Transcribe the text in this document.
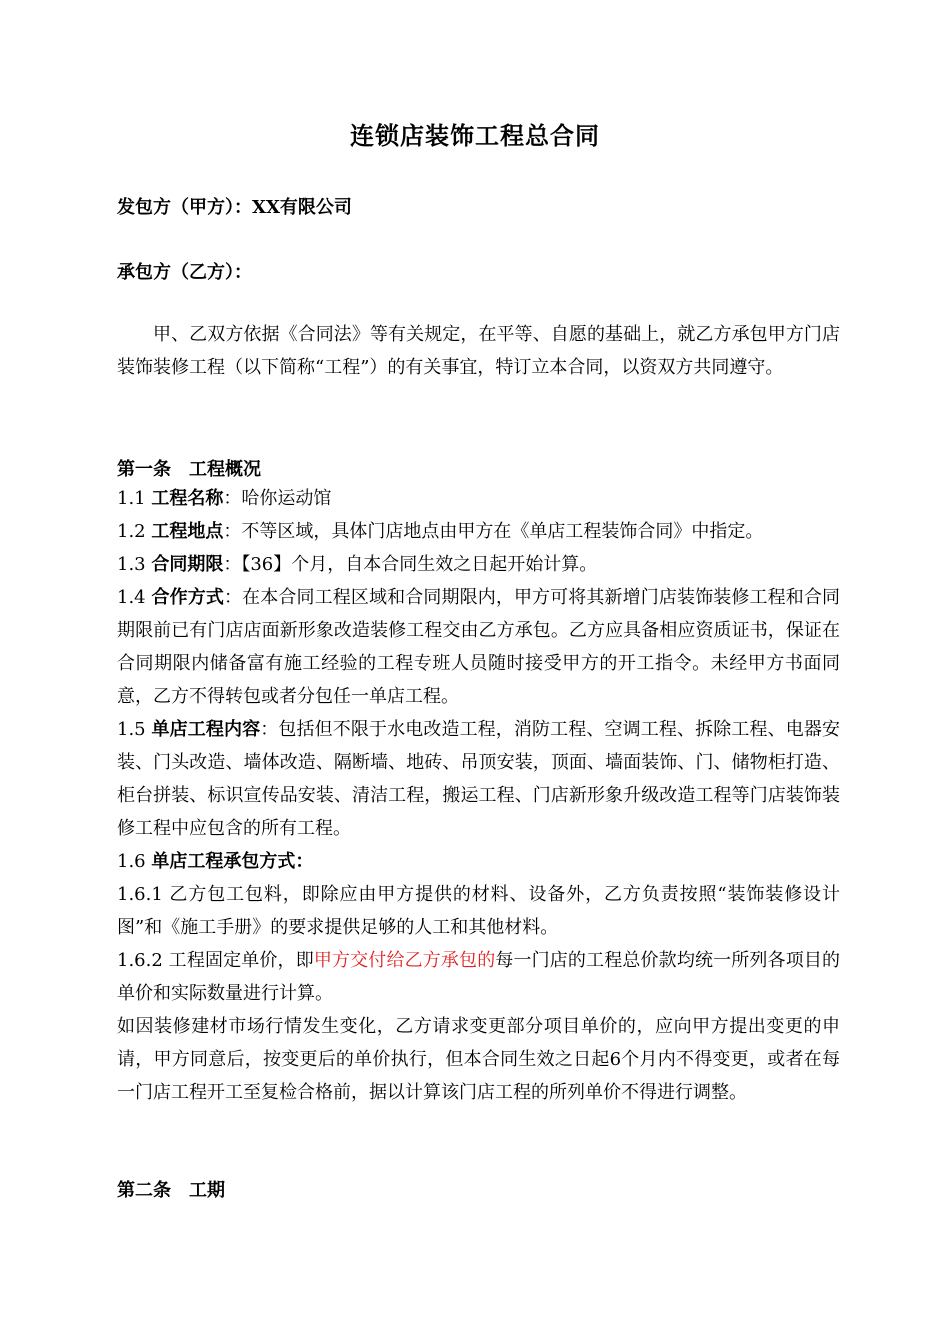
连锁店装饰工程总合同
发包方（甲方）：XX有限公司
承包方（乙方）：
甲、乙双方依据《合同法》等有关规定，在平等、自愿的基础上，就乙方承包甲方门店装饰装修工程（以下简称“工程”）的有关事宜，特订立本合同，以资双方共同遵守。
第一条　工程概况
1.1 工程名称：哈你运动馆
1.2 工程地点：不等区域，具体门店地点由甲方在《单店工程装饰合同》中指定。
1.3 合同期限：【36】个月，自本合同生效之日起开始计算。
1.4 合作方式：在本合同工程区域和合同期限内，甲方可将其新增门店装饰装修工程和合同期限前已有门店店面新形象改造装修工程交由乙方承包。乙方应具备相应资质证书，保证在合同期限内储备富有施工经验的工程专班人员随时接受甲方的开工指令。未经甲方书面同意，乙方不得转包或者分包任一单店工程。
1.5 单店工程内容：包括但不限于水电改造工程，消防工程、空调工程、拆除工程、电器安装、门头改造、墙体改造、隔断墙、地砖、吊顶安装，顶面、墙面装饰、门、储物柜打造、柜台拼装、标识宣传品安装、清洁工程，搬运工程、门店新形象升级改造工程等门店装饰装修工程中应包含的所有工程。
1.6 单店工程承包方式：
1.6.1 乙方包工包料，即除应由甲方提供的材料、设备外，乙方负责按照“装饰装修设计图”和《施工手册》的要求提供足够的人工和其他材料。
1.6.2 工程固定单价，即甲方交付给乙方承包的每一门店的工程总价款均统一所列各项目的单价和实际数量进行计算。
如因装修建材市场行情发生变化，乙方请求变更部分项目单价的，应向甲方提出变更的申请，甲方同意后，按变更后的单价执行，但本合同生效之日起6个月内不得变更，或者在每一门店工程开工至复检合格前，据以计算该门店工程的所列单价不得进行调整。
第二条　工期
